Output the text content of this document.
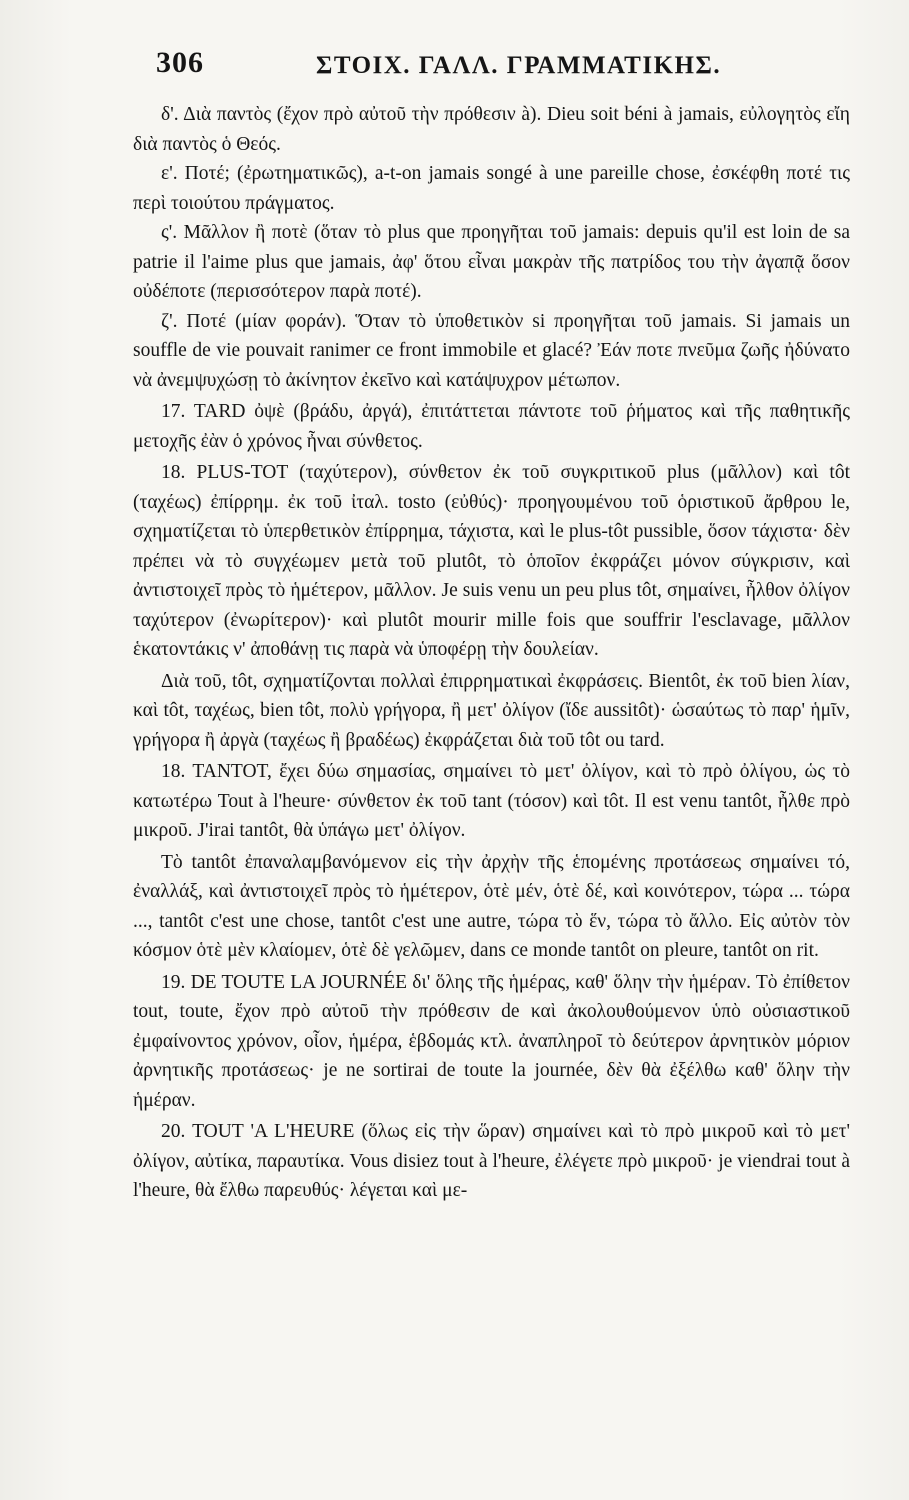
306	ΣΤΟΙΧ. ΓΑΛΛ. ΓΡΑΜΜΑΤΙΚΗΣ.

δ'. Διὰ παντὸς (ἔχον πρὸ αὐτοῦ τὴν πρόθεσιν à). Dieu soit béni à jamais, εὐλογητὸς εἴη διὰ παντὸς ὁ Θεός.

ε'. Ποτέ; (ἐρωτηματικῶς), a-t-on jamais songé à une pareille chose, ἐσκέφθη ποτέ τις περὶ τοιούτου πράγματος.

ς'. Μᾶλλον ἢ ποτὲ (ὅταν τὸ plus que προηγῆται τοῦ jamais: depuis qu'il est loin de sa patrie il l'aime plus que jamais, ἀφ' ὅτου εἶναι μακρὰν τῆς πατρίδος του τὴν ἀγαπᾷ ὅσον οὐδέποτε (περισσότερον παρὰ ποτέ).

ζ'. Ποτέ (μίαν φοράν). Ὅταν τὸ ὑποθετικὸν si προηγῆται τοῦ jamais. Si jamais un souffle de vie pouvait ranimer ce front immobile et glacé? Ἐάν ποτε πνεῦμα ζωῆς ἠδύνατο νὰ ἀνεμψυχώσῃ τὸ ἀκίνητον ἐκεῖνο καὶ κατάψυχρον μέτωπον.

17. TARD ὀψὲ (βράδυ, ἀργά), ἐπιτάττεται πάντοτε τοῦ ῥήματος καὶ τῆς παθητικῆς μετοχῆς ἐὰν ὁ χρόνος ἦναι σύνθετος.

18. PLUS-TOT (ταχύτερον), σύνθετον ἐκ τοῦ συγκριτικοῦ plus (μᾶλλον) καὶ tôt (ταχέως) ἐπίρρημ. ἐκ τοῦ ἰταλ. tosto (εὐθύς)· προηγουμένου τοῦ ὁριστικοῦ ἄρθρου le, σχηματίζεται τὸ ὑπερθετικὸν ἐπίρρημα, τάχιστα, καὶ le plus-tôt pussible, ὅσον τάχιστα· δὲν πρέπει νὰ τὸ συγχέωμεν μετὰ τοῦ plutôt, τὸ ὁποῖον ἐκφράζει μόνον σύγκρισιν, καὶ ἀντιστοιχεῖ πρὸς τὸ ἡμέτερον, μᾶλλον. Je suis venu un peu plus tôt, σημαίνει, ἦλθον ὀλίγον ταχύτερον (ἐνωρίτερον)· καὶ plutôt mourir mille fois que souffrir l'esclavage, μᾶλλον ἑκατοντάκις ν' ἀποθάνῃ τις παρὰ νὰ ὑποφέρῃ τὴν δουλείαν.

Διὰ τοῦ, tôt, σχηματίζονται πολλαὶ ἐπιρρηματικαὶ ἐκφράσεις. Bientôt, ἐκ τοῦ bien λίαν, καὶ tôt, ταχέως, bien tôt, πολὺ γρήγορα, ἢ μετ' ὀλίγον (ἴδε aussitôt)· ὡσαύτως τὸ παρ' ἡμῖν, γρήγορα ἢ ἀργὰ (ταχέως ἢ βραδέως) ἐκφράζεται διὰ τοῦ tôt ou tard.

18. TANTOT, ἔχει δύω σημασίας, σημαίνει τὸ μετ' ὀλίγον, καὶ τὸ πρὸ ὀλίγου, ὡς τὸ κατωτέρω Tout à l'heure· σύνθετον ἐκ τοῦ tant (τόσον) καὶ tôt. Il est venu tantôt, ἦλθε πρὸ μικροῦ. J'irai tantôt, θὰ ὑπάγω μετ' ὀλίγον.

Τὸ tantôt ἐπαναλαμβανόμενον εἰς τὴν ἀρχὴν τῆς ἑπομένης προτάσεως σημαίνει τό, ἐναλλάξ, καὶ ἀντιστοιχεῖ πρὸς τὸ ἡμέτερον, ὁτὲ μέν, ὁτὲ δέ, καὶ κοινότερον, τώρα ... τώρα ..., tantôt c'est une chose, tantôt c'est une autre, τώρα τὸ ἕν, τώρα τὸ ἄλλο. Εἰς αὐτὸν τὸν κόσμον ὁτὲ μὲν κλαίομεν, ὁτὲ δὲ γελῶμεν, dans ce monde tantôt on pleure, tantôt on rit.

19. DE TOUTE LA JOURNÉE δι' ὅλης τῆς ἡμέρας, καθ' ὅλην τὴν ἡμέραν. Τὸ ἐπίθετον tout, toute, ἔχον πρὸ αὐτοῦ τὴν πρόθεσιν de καὶ ἀκολουθούμενον ὑπὸ οὐσιαστικοῦ ἐμφαίνοντος χρόνον, οἷον, ἡμέρα, ἑβδομάς κτλ. ἀναπληροῖ τὸ δεύτερον ἀρνητικὸν μόριον ἀρνητικῆς προτάσεως· je ne sortirai de toute la journée, δὲν θὰ ἐξέλθω καθ' ὅλην τὴν ἡμέραν.

20. TOUT 'A L'HEURE (ὅλως εἰς τὴν ὥραν) σημαίνει καὶ τὸ πρὸ μικροῦ καὶ τὸ μετ' ὀλίγον, αὐτίκα, παραυτίκα. Vous disiez tout à l'heure, ἐλέγετε πρὸ μικροῦ· je viendrai tout à l'heure, θὰ ἔλθω παρευθύς· λέγεται καὶ με-
